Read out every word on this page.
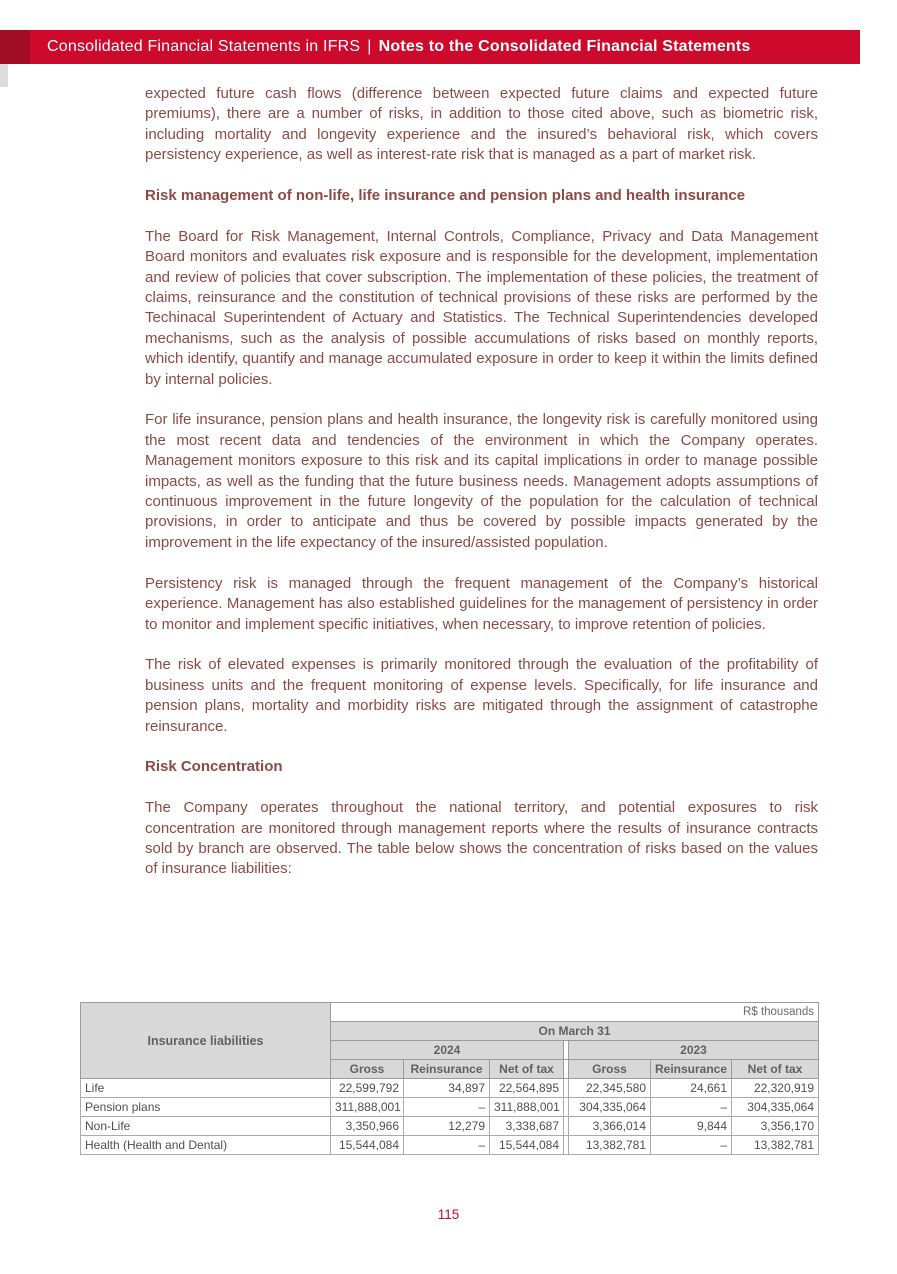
Consolidated Financial Statements in IFRS | Notes to the Consolidated Financial Statements

expected future cash flows (difference between expected future claims and expected future premiums), there are a number of risks, in addition to those cited above, such as biometric risk, including mortality and longevity experience and the insured’s behavioral risk, which covers persistency experience, as well as interest-rate risk that is managed as a part of market risk.

Risk management of non-life, life insurance and pension plans and health insurance

The Board for Risk Management, Internal Controls, Compliance, Privacy and Data Management Board monitors and evaluates risk exposure and is responsible for the development, implementation and review of policies that cover subscription. The implementation of these policies, the treatment of claims, reinsurance and the constitution of technical provisions of these risks are performed by the Techinacal Superintendent of Actuary and Statistics. The Technical Superintendencies developed mechanisms, such as the analysis of possible accumulations of risks based on monthly reports, which identify, quantify and manage accumulated exposure in order to keep it within the limits defined by internal policies.

For life insurance, pension plans and health insurance, the longevity risk is carefully monitored using the most recent data and tendencies of the environment in which the Company operates. Management monitors exposure to this risk and its capital implications in order to manage possible impacts, as well as the funding that the future business needs. Management adopts assumptions of continuous improvement in the future longevity of the population for the calculation of technical provisions, in order to anticipate and thus be covered by possible impacts generated by the improvement in the life expectancy of the insured/assisted population.

Persistency risk is managed through the frequent management of the Company’s historical experience. Management has also established guidelines for the management of persistency in order to monitor and implement specific initiatives, when necessary, to improve retention of policies.

The risk of elevated expenses is primarily monitored through the evaluation of the profitability of business units and the frequent monitoring of expense levels. Specifically, for life insurance and pension plans, mortality and morbidity risks are mitigated through the assignment of catastrophe reinsurance.

Risk Concentration

The Company operates throughout the national territory, and potential exposures to risk concentration are monitored through management reports where the results of insurance contracts sold by branch are observed. The table below shows the concentration of risks based on the values of insurance liabilities:

Insurance liabilities	R$ thousands						
	On March 31						
	2024				2023		
	Gross	Reinsurance	Net of tax		Gross	Reinsurance	Net of tax
Life	22,599,792	34,897	22,564,895		22,345,580	24,661	22,320,919
Pension plans	311,888,001	–	311,888,001		304,335,064	–	304,335,064
Non-Life	3,350,966	12,279	3,338,687		3,366,014	9,844	3,356,170
Health (Health and Dental)	15,544,084	–	15,544,084		13,382,781	–	13,382,781
115
